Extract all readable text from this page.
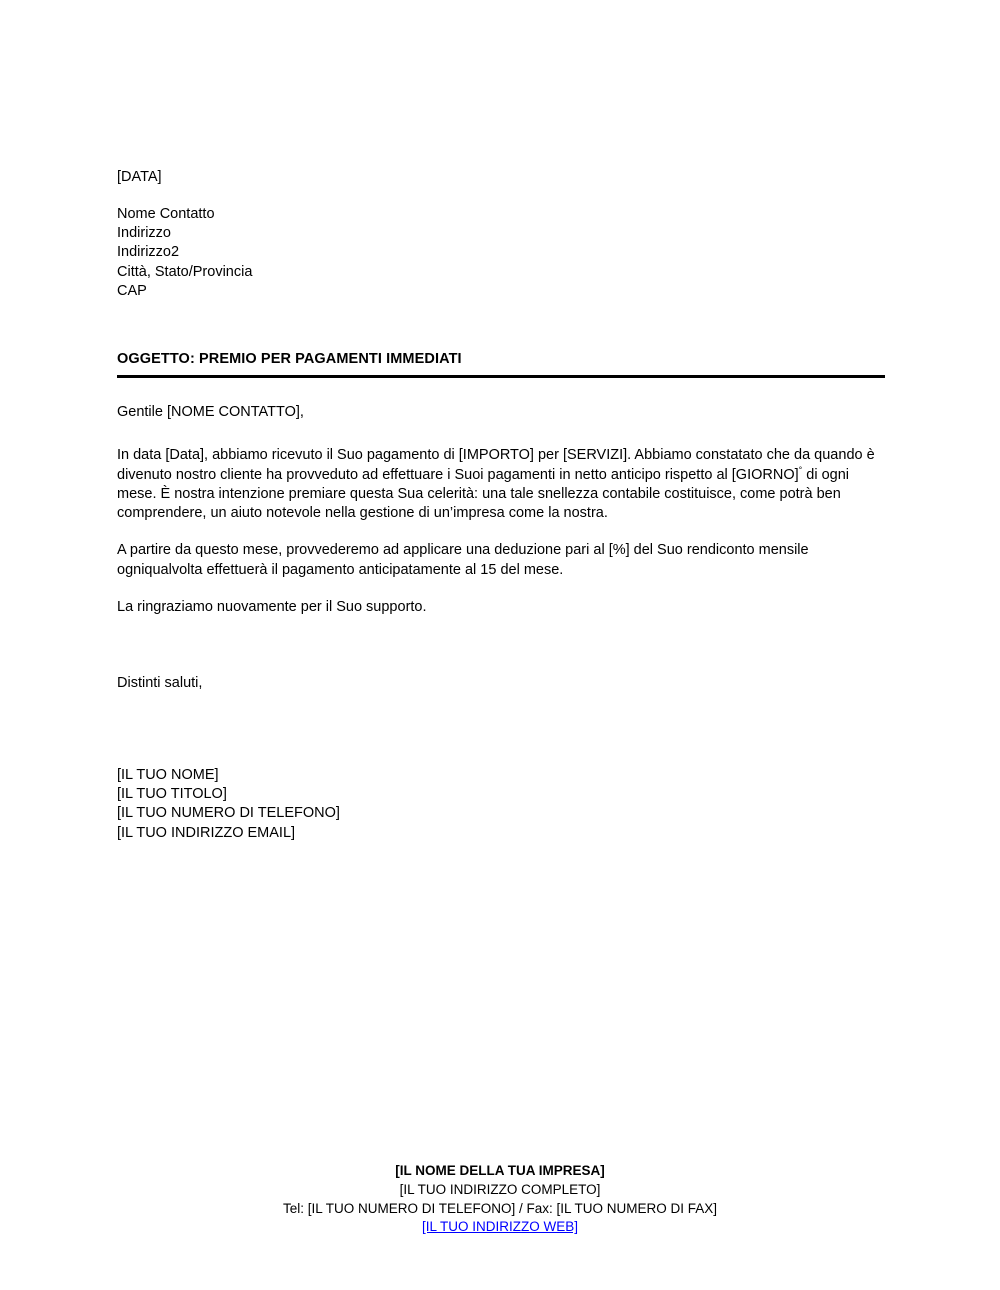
[DATA]
Nome Contatto
Indirizzo
Indirizzo2
Città, Stato/Provincia
CAP
OGGETTO: PREMIO PER PAGAMENTI IMMEDIATI

Gentile [NOME CONTATTO],

In data [Data], abbiamo ricevuto il Suo pagamento di [IMPORTO] per [SERVIZI]. Abbiamo constatato che da quando è divenuto nostro cliente ha provveduto ad effettuare i Suoi pagamenti in netto anticipo rispetto al [GIORNO]° di ogni mese. È nostra intenzione premiare questa Sua celerità: una tale snellezza contabile costituisce, come potrà ben comprendere, un aiuto notevole nella gestione di un’impresa come la nostra.

A partire da questo mese, provvederemo ad applicare una deduzione pari al [%] del Suo rendiconto mensile ogniqualvolta effettuerà il pagamento anticipatamente al 15 del mese.

La ringraziamo nuovamente per il Suo supporto.

Distinti saluti,
[IL TUO NOME]
[IL TUO TITOLO]
[IL TUO NUMERO DI TELEFONO]
[IL TUO INDIRIZZO EMAIL]
[IL NOME DELLA TUA IMPRESA]
[IL TUO INDIRIZZO COMPLETO]
Tel: [IL TUO NUMERO DI TELEFONO] / Fax: [IL TUO NUMERO DI FAX]
[IL TUO INDIRIZZO WEB]
